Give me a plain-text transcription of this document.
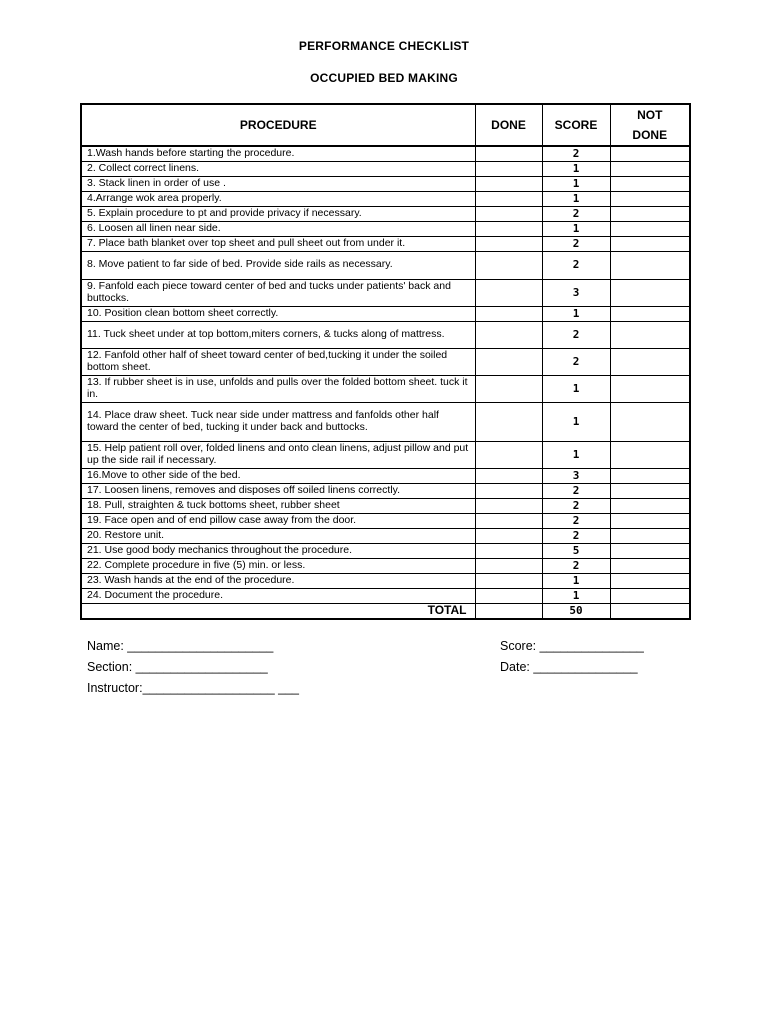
PERFORMANCE CHECKLIST
OCCUPIED BED MAKING
PROCEDURE	DONE	SCORE	NOT DONE
1.Wash hands before starting the procedure.		2	
2. Collect correct linens.		1	
3. Stack linen in order of use .		1	
4.Arrange wok area properly.		1	
5. Explain procedure to pt and provide privacy if necessary.		2	
6. Loosen all linen near side.		1	
7. Place bath blanket over top sheet and pull sheet out from under it.		2	
8. Move patient to far side of bed. Provide side rails as necessary.		2	
9. Fanfold each piece toward center of bed and tucks under patients' back and buttocks.		3	
10. Position clean bottom sheet correctly.		1	
11. Tuck sheet under at top bottom,miters corners, & tucks along of mattress.		2	
12. Fanfold other half of sheet toward center of bed,tucking it under the soiled bottom sheet.		2	
13. If rubber sheet is in use, unfolds and pulls over the folded bottom sheet. tuck it in.		1	
14. Place draw sheet. Tuck near side under mattress and fanfolds other half toward the center of bed, tucking it under back and buttocks.		1	
15. Help patient roll over, folded linens and onto clean linens, adjust pillow and put up the side rail if necessary.		1	
16.Move to other side of the bed.		3	
17. Loosen linens, removes and disposes off soiled linens correctly.		2	
18. Pull, straighten & tuck bottoms sheet, rubber sheet		2	
19. Face open and of end pillow case away from the door.		2	
20. Restore unit.		2	
21. Use good body mechanics throughout the procedure.		5	
22. Complete procedure in five (5) min. or less.		2	
23. Wash hands at the end of the procedure.		1	
24. Document the procedure.		1	
TOTAL		50	
Name: _____________________
Section: ___________________
Instructor:___________________ ___
Score: _______________
Date: _______________
